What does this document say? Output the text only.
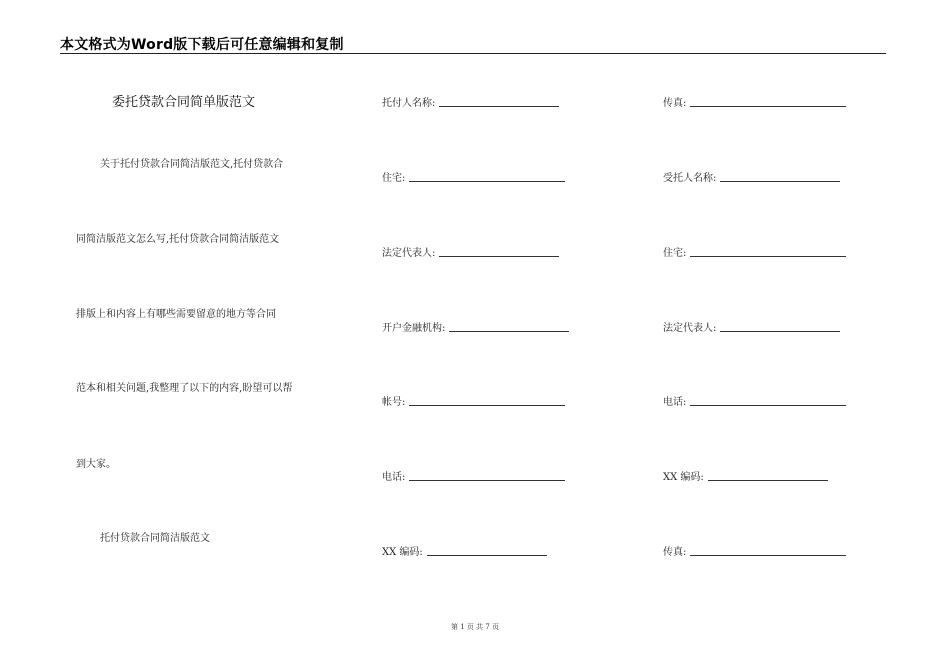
本文格式为Word版下载后可任意编辑和复制
委托贷款合同简单版范文
关于托付贷款合同简洁版范文,托付贷款合
同简洁版范文怎么写,托付贷款合同简洁版范文
排版上和内容上有哪些需要留意的地方等合同
范本和相关问题,我整理了以下的内容,盼望可以帮
到大家。
托付贷款合同简洁版范文
托付人名称:
住宅:
法定代表人:
开户金融机构:
帐号:
电话:
XX 编码:
传真:
受托人名称:
住宅:
法定代表人:
电话:
XX 编码:
传真:
第 1 页 共 7 页
